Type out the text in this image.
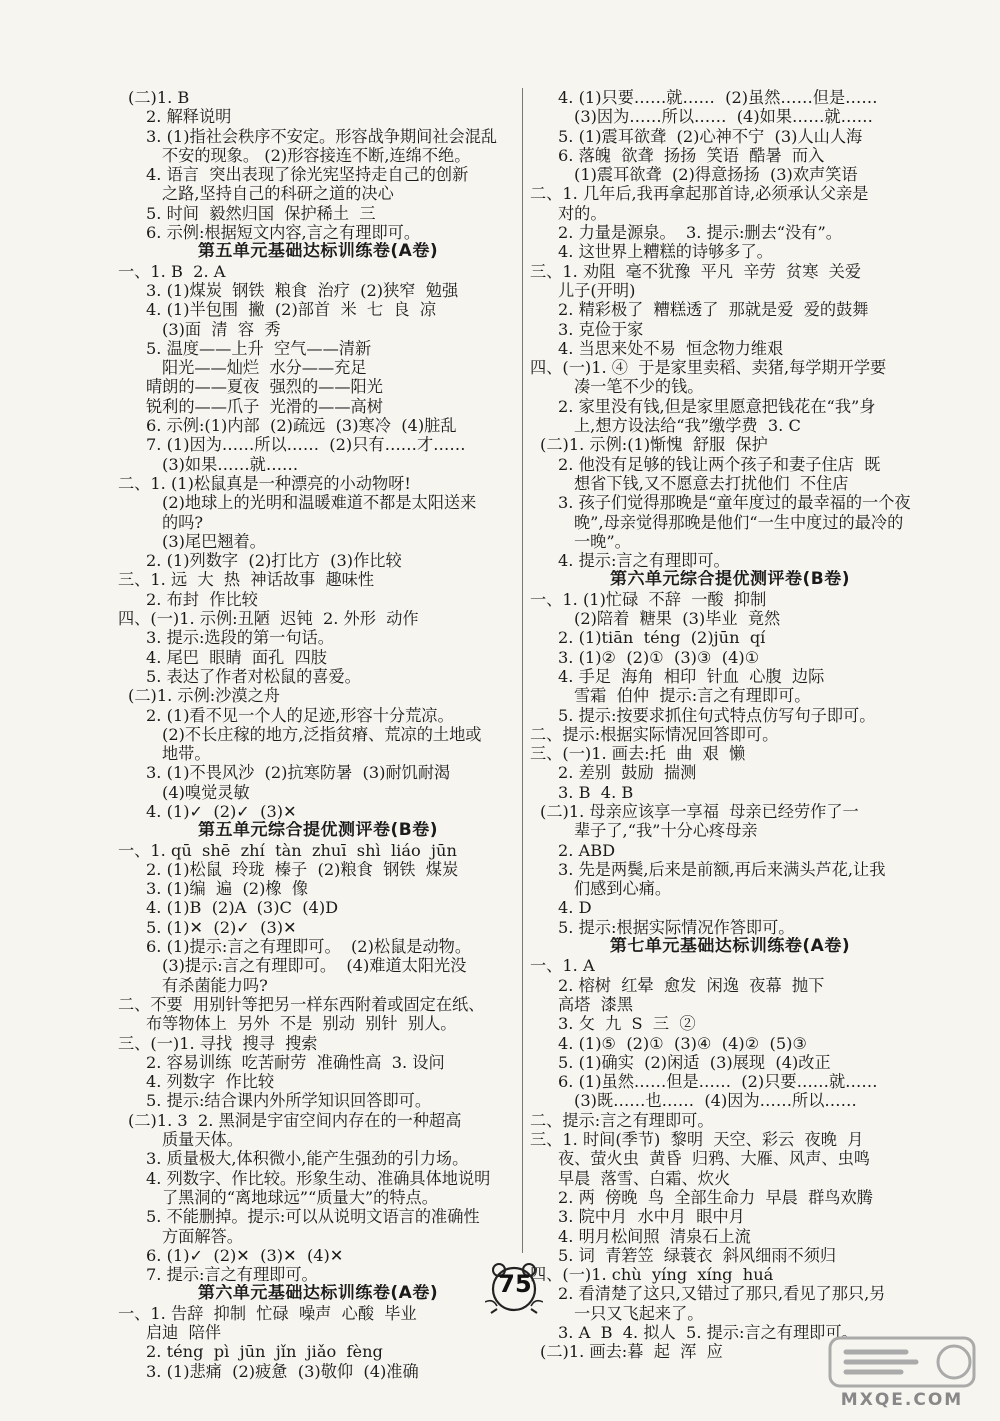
(二)1. B
2. 解释说明
3. (1)指社会秩序不安定。形容战争期间社会混乱
不安的现象。 (2)形容接连不断,连绵不绝。
4. 语言  突出表现了徐光宪坚持走自己的创新
之路,坚持自己的科研之道的决心
5. 时间  毅然归国  保护稀土  三
6. 示例:根据短文内容,言之有理即可。
第五单元基础达标训练卷(A卷)
一、1. B  2. A
3. (1)煤炭  钢铁  粮食  治疗  (2)狭窄  勉强
4. (1)半包围  撇  (2)部首  米  七  良  凉
(3)面  清  容  秀
5. 温度——上升  空气——清新
阳光——灿烂  水分——充足
晴朗的——夏夜  强烈的——阳光
锐利的——爪子  光滑的——高树
6. 示例:(1)内部  (2)疏远  (3)寒冷  (4)脏乱
7. (1)因为……所以……  (2)只有……才……
(3)如果……就……
二、1. (1)松鼠真是一种漂亮的小动物呀!
(2)地球上的光明和温暖难道不都是太阳送来
的吗?
(3)尾巴翘着。
2. (1)列数字  (2)打比方  (3)作比较
三、1. 远  大  热  神话故事  趣味性
2. 布封  作比较
四、(一)1. 示例:丑陋  迟钝  2. 外形  动作
3. 提示:选段的第一句话。
4. 尾巴  眼睛  面孔  四肢
5. 表达了作者对松鼠的喜爱。
(二)1. 示例:沙漠之舟
2. (1)看不见一个人的足迹,形容十分荒凉。
(2)不长庄稼的地方,泛指贫瘠、荒凉的土地或
地带。
3. (1)不畏风沙  (2)抗寒防暑  (3)耐饥耐渴
(4)嗅觉灵敏
4. (1)✓  (2)✓  (3)✕
第五单元综合提优测评卷(B卷)
一、1. qū  shē  zhí  tàn  zhuī  shì  liáo  jūn
2. (1)松鼠  玲珑  榛子  (2)粮食  钢铁  煤炭
3. (1)编  遍  (2)橡  像
4. (1)B  (2)A  (3)C  (4)D
5. (1)✕  (2)✓  (3)✕
6. (1)提示:言之有理即可。  (2)松鼠是动物。
(3)提示:言之有理即可。  (4)难道太阳光没
有杀菌能力吗?
二、不要  用别针等把另一样东西附着或固定在纸、
布等物体上  另外  不是  别动  别针  别人。
三、(一)1. 寻找  搜寻  搜索
2. 容易训练  吃苦耐劳  准确性高  3. 设问
4. 列数字  作比较
5. 提示:结合课内外所学知识回答即可。
(二)1. 3  2. 黑洞是宇宙空间内存在的一种超高
质量天体。
3. 质量极大,体积微小,能产生强劲的引力场。
4. 列数字、作比较。形象生动、准确具体地说明
了黑洞的“离地球远”“质量大”的特点。
5. 不能删掉。提示:可以从说明文语言的准确性
方面解答。
6. (1)✓  (2)✕  (3)✕  (4)✕
7. 提示:言之有理即可。
第六单元基础达标训练卷(A卷)
一、1. 告辞  抑制  忙碌  噪声  心酸  毕业
启迪  陪伴
2. téng  pì  jūn  jǐn  jiǎo  fèng
3. (1)悲痛  (2)疲惫  (3)敬仰  (4)准确
4. (1)只要……就……  (2)虽然……但是……
(3)因为……所以……  (4)如果……就……
5. (1)震耳欲聋  (2)心神不宁  (3)人山人海
6. 落魄  欲聋  扬扬  笑语  酷暑  而入
(1)震耳欲聋  (2)得意扬扬  (3)欢声笑语
二、1. 几年后,我再拿起那首诗,必须承认父亲是
对的。
2. 力量是源泉。  3. 提示:删去“没有”。
4. 这世界上糟糕的诗够多了。
三、1. 劝阻  毫不犹豫  平凡  辛劳  贫寒  关爱
儿子(开明)
2. 精彩极了  糟糕透了  那就是爱  爱的鼓舞
3. 克俭于家
4. 当思来处不易  恒念物力维艰
四、(一)1. ④  于是家里卖稻、卖猪,每学期开学要
凑一笔不少的钱。
2. 家里没有钱,但是家里愿意把钱花在“我”身
上,想方设法给“我”缴学费  3. C
(二)1. 示例:(1)惭愧  舒服  保护
2. 他没有足够的钱让两个孩子和妻子住店  既
想省下钱,又不愿意去打扰他们  不住店
3. 孩子们觉得那晚是“童年度过的最幸福的一个夜
晚”,母亲觉得那晚是他们“一生中度过的最冷的
一晚”。
4. 提示:言之有理即可。
第六单元综合提优测评卷(B卷)
一、1. (1)忙碌  不辞  一酸  抑制
(2)陪着  糖果  (3)毕业  竟然
2. (1)tiān  téng  (2)jūn  qí
3. (1)②  (2)①  (3)③  (4)①
4. 手足  海角  相印  针血  心腹  边际
雪霜  伯仲  提示:言之有理即可。
5. 提示:按要求抓住句式特点仿写句子即可。
二、提示:根据实际情况回答即可。
三、(一)1. 画去:托  曲  艰  懒
2. 差别  鼓励  揣测
3. B  4. B
(二)1. 母亲应该享一享福  母亲已经劳作了一
辈子了,“我”十分心疼母亲
2. ABD
3. 先是两鬓,后来是前额,再后来满头芦花,让我
们感到心痛。
4. D
5. 提示:根据实际情况作答即可。
第七单元基础达标训练卷(A卷)
一、1. A
2. 榕树  红晕  愈发  闲逸  夜幕  抛下
高塔  漆黑
3. 攵  九  S  三  ②
4. (1)⑤  (2)①  (3)④  (4)②  (5)③
5. (1)确实  (2)闲适  (3)展现  (4)改正
6. (1)虽然……但是……  (2)只要……就……
(3)既……也……  (4)因为……所以……
二、提示:言之有理即可。
三、1. 时间(季节)  黎明  天空、彩云  夜晚  月
夜、萤火虫  黄昏  归鸦、大雁、风声、虫鸣
早晨  落雪、白霜、炊火
2. 两  傍晚  鸟  全部生命力  早晨  群鸟欢腾
3. 院中月  水中月  眼中月
4. 明月松间照  清泉石上流
5. 词  青箬笠  绿蓑衣  斜风细雨不须归
四、(一)1. chù  yíng  xíng  huá
2. 看清楚了这只,又错过了那只,看见了那只,另
一只又飞起来了。
3. A  B  4. 拟人  5. 提示:言之有理即可。
(二)1. 画去:暮  起  浑  应
75
MXQE.COM
